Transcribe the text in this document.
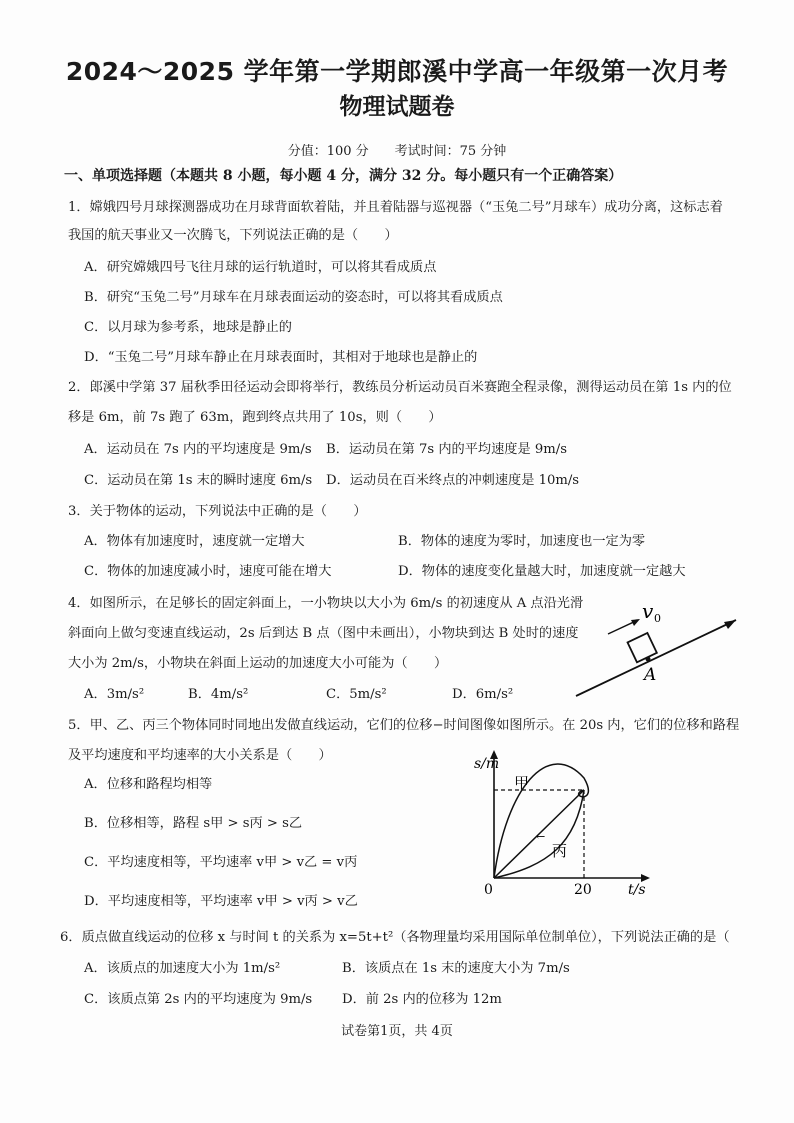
2024～2025 学年第一学期郎溪中学高一年级第一次月考
物理试题卷
分值：100 分　　考试时间：75 分钟
一、单项选择题（本题共 8 小题，每小题 4 分，满分 32 分。每小题只有一个正确答案）
1．嫦娥四号月球探测器成功在月球背面软着陆，并且着陆器与巡视器（“玉兔二号”月球车）成功分离，这标志着
我国的航天事业又一次腾飞，下列说法正确的是（　　）
A．研究嫦娥四号飞往月球的运行轨道时，可以将其看成质点
B．研究“玉兔二号”月球车在月球表面运动的姿态时，可以将其看成质点
C．以月球为参考系，地球是静止的
D．“玉兔二号”月球车静止在月球表面时，其相对于地球也是静止的
2．郎溪中学第 37 届秋季田径运动会即将举行，教练员分析运动员百米赛跑全程录像，测得运动员在第 1s 内的位
移是 6m，前 7s 跑了 63m，跑到终点共用了 10s，则（　　）
A．运动员在 7s 内的平均速度是 9m/s B．运动员在第 7s 内的平均速度是 9m/s
C．运动员在第 1s 末的瞬时速度 6m/s D．运动员在百米终点的冲刺速度是 10m/s
3．关于物体的运动，下列说法中正确的是（　　）
A．物体有加速度时，速度就一定增大	B．物体的速度为零时，加速度也一定为零
C．物体的加速度减小时，速度可能在增大	D．物体的速度变化量越大时，加速度就一定越大
4．如图所示，在足够长的固定斜面上，一小物块以大小为 6m/s 的初速度从 A 点沿光滑
斜面向上做匀变速直线运动，2s 后到达 B 点（图中未画出），小物块到达 B 处时的速度
大小为 2m/s，小物块在斜面上运动的加速度大小可能为（　　）
A．3m/s²	B．4m/s²	C．5m/s²	D．6m/s²
v 0
A
5．甲、乙、丙三个物体同时同地出发做直线运动，它们的位移−时间图像如图所示。在 20s 内，它们的位移和路程
及平均速度和平均速率的大小关系是（　　）
A．位移和路程均相等
B．位移相等，路程 s甲 > s丙 > s乙
C．平均速度相等，平均速率 v甲 > v乙 = v丙
D．平均速度相等，平均速率 v甲 > v丙 > v乙
s/m
t/s
0	20
甲
丙
←
6．质点做直线运动的位移 x 与时间 t 的关系为 x=5t+t²（各物理量均采用国际单位制单位），下列说法正确的是（
A．该质点的加速度大小为 1m/s²	B．该质点在 1s 末的速度大小为 7m/s
C．该质点第 2s 内的平均速度为 9m/s D．前 2s 内的位移为 12m
试卷第1页，共 4页
